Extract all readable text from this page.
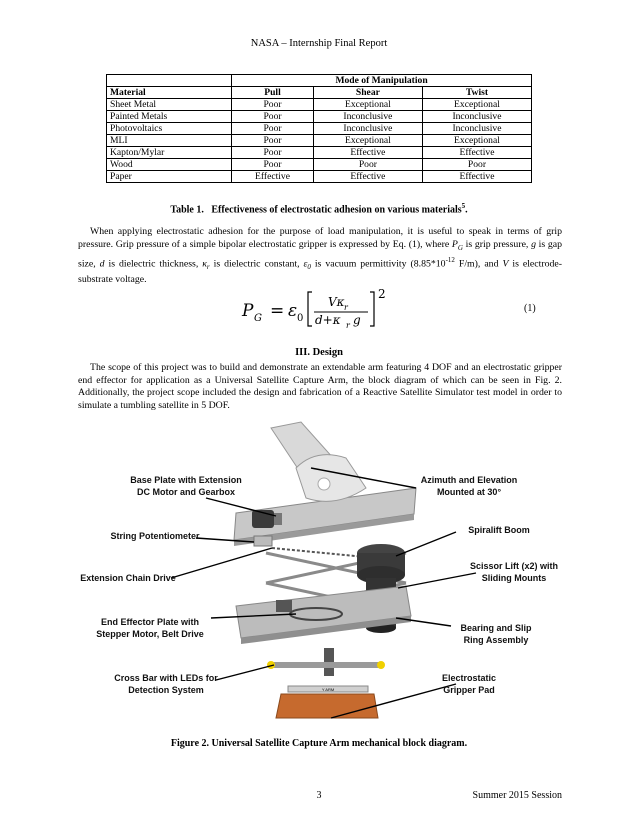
NASA – Internship Final Report
	Mode of Manipulation		
Material	Pull	Shear	Twist
Sheet Metal	Poor	Exceptional	Exceptional
Painted Metals	Poor	Inconclusive	Inconclusive
Photovoltaics	Poor	Inconclusive	Inconclusive
MLI	Poor	Exceptional	Exceptional
Kapton/Mylar	Poor	Effective	Effective
Wood	Poor	Poor	Poor
Paper	Effective	Effective	Effective
Table 1. Effectiveness of electrostatic adhesion on various materials$^5$.

When applying electrostatic adhesion for the purpose of load manipulation, it is useful to speak in terms of grip pressure. Grip pressure of a simple bipolar electrostatic gripper is expressed by Eq. (1), where $P_G$ is grip pressure, g is gap size, d is dielectric thickness, $\kappa_r$ is dielectric constant, $\varepsilon_0$ is vacuum permittivity ($8.85*10^{-12}$ F/m), and V is electrode-substrate voltage.

P G = ε 0
Vκ r
d+κ r g
2
(1)
III. Design

The scope of this project was to build and demonstrate an extendable arm featuring 4 DOF and an electrostatic gripper end effector for application as a Universal Satellite Capture Arm, the block diagram of which can be seen in Fig. 2. Additionally, the project scope included the design and fabrication of a Reactive Satellite Simulator test model in order to simulate a tumbling satellite in 5 DOF.

Y ARM
Base Plate with Extension
DC Motor and Gearbox
Azimuth and Elevation
Mounted at 30°
String Potentiometer
Spiralift Boom
Extension Chain Drive
Scissor Lift (x2) with
Sliding Mounts
End Effector Plate with
Stepper Motor, Belt Drive
Bearing and Slip
Ring Assembly
Cross Bar with LEDs for
Detection System
Electrostatic
Gripper Pad
Figure 2. Universal Satellite Capture Arm mechanical block diagram.
3	Summer 2015 Session
